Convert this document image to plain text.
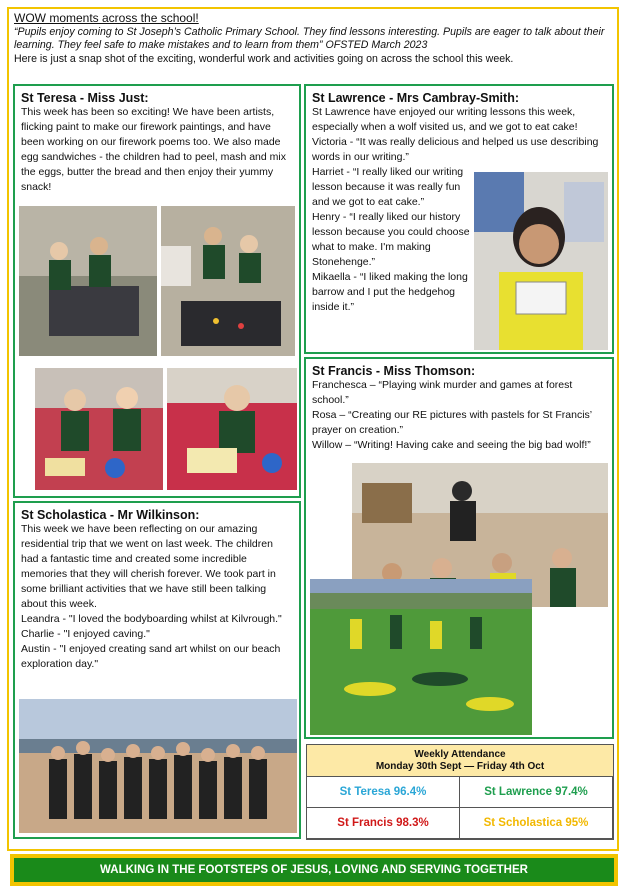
WOW moments across the school!
“Pupils enjoy coming to St Joseph’s Catholic Primary School. They find lessons interesting. Pupils are eager to talk about their learning. They feel safe to make mistakes and to learn from them” OFSTED March 2023
Here is just a snap shot of the exciting, wonderful work and activities going on across the school this week.
St Teresa - Miss Just:

This week has been so exciting! We have been artists, flicking paint to make our firework paintings, and have been working on our firework poems too. We also made egg sandwiches - the children had to peel, mash and mix the eggs, butter the bread and then enjoy their yummy snack!

St Lawrence - Mrs Cambray-Smith:

St Lawrence have enjoyed our writing lessons this week, especially when a wolf visited us, and we got to eat cake!

Victoria - “It was really delicious and helped us use describing words in our writing.”

Harriet - “I really liked our writing lesson because it was really fun and we got to eat cake.”

Henry - “I really liked our history lesson because you could choose what to make. I'm making Stonehenge.”

Mikaella - “I liked making the long barrow and I put the hedgehog inside it.”

St Francis - Miss Thomson:

Franchesca – “Playing wink murder and games at forest school.”

Rosa – “Creating our RE pictures with pastels for St Francis’ prayer on creation.”

Willow – “Writing! Having cake and seeing the big bad wolf!”

St Scholastica - Mr Wilkinson:

This week we have been reflecting on our amazing residential trip that we went on last week. The children had a fantastic time and created some incredible memories that they will cherish forever. We took part in some brilliant activities that we have still been talking about this week.

Leandra - "I loved the bodyboarding whilst at Kilvrough."

Charlie - "I enjoyed caving."

Austin - "I enjoyed creating sand art whilst on our beach exploration day."

Weekly Attendance
Monday 30th Sept — Friday 4th Oct
St Teresa 96.4%	St Lawrence 97.4%
St Francis 98.3%	St Scholastica 95%
WALKING IN THE FOOTSTEPS OF JESUS, LOVING AND SERVING TOGETHER
